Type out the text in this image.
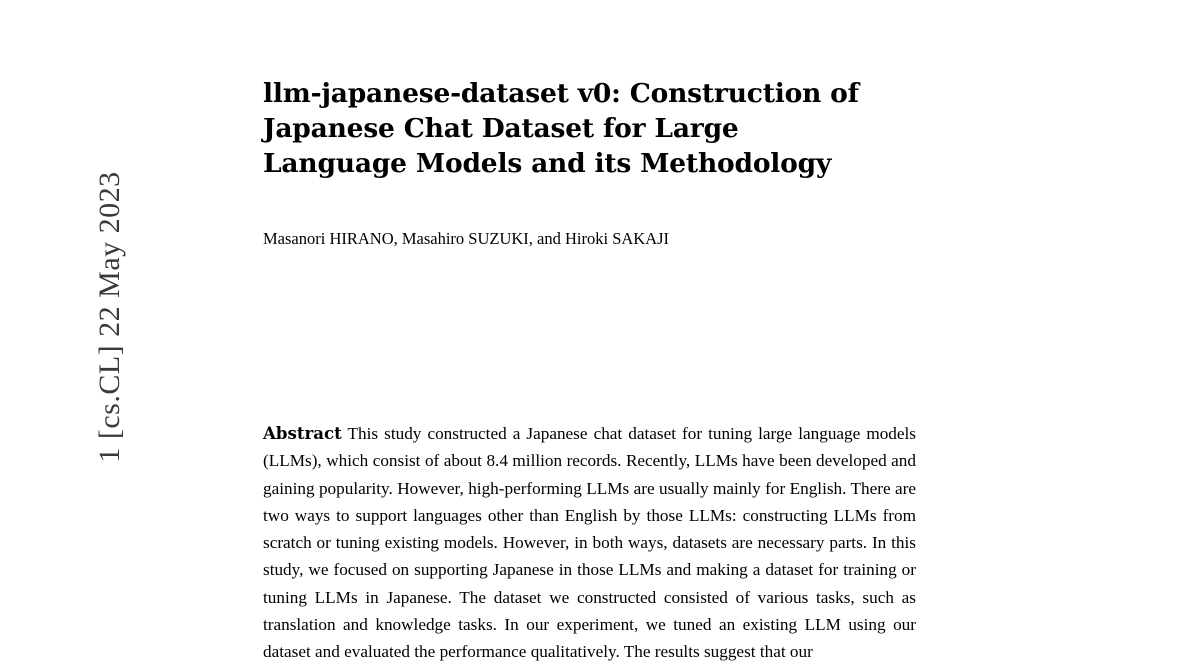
1 [cs.CL] 22 May 2023
llm-japanese-dataset v0: Construction of Japanese Chat Dataset for Large Language Models and its Methodology
Masanori HIRANO, Masahiro SUZUKI, and Hiroki SAKAJI

Abstract This study constructed a Japanese chat dataset for tuning large language models (LLMs), which consist of about 8.4 million records. Recently, LLMs have been developed and gaining popularity. However, high-performing LLMs are usually mainly for English. There are two ways to support languages other than English by those LLMs: constructing LLMs from scratch or tuning existing models. However, in both ways, datasets are necessary parts. In this study, we focused on supporting Japanese in those LLMs and making a dataset for training or tuning LLMs in Japanese. The dataset we constructed consisted of various tasks, such as translation and knowledge tasks. In our experiment, we tuned an existing LLM using our dataset and evaluated the performance qualitatively. The results suggest that our
